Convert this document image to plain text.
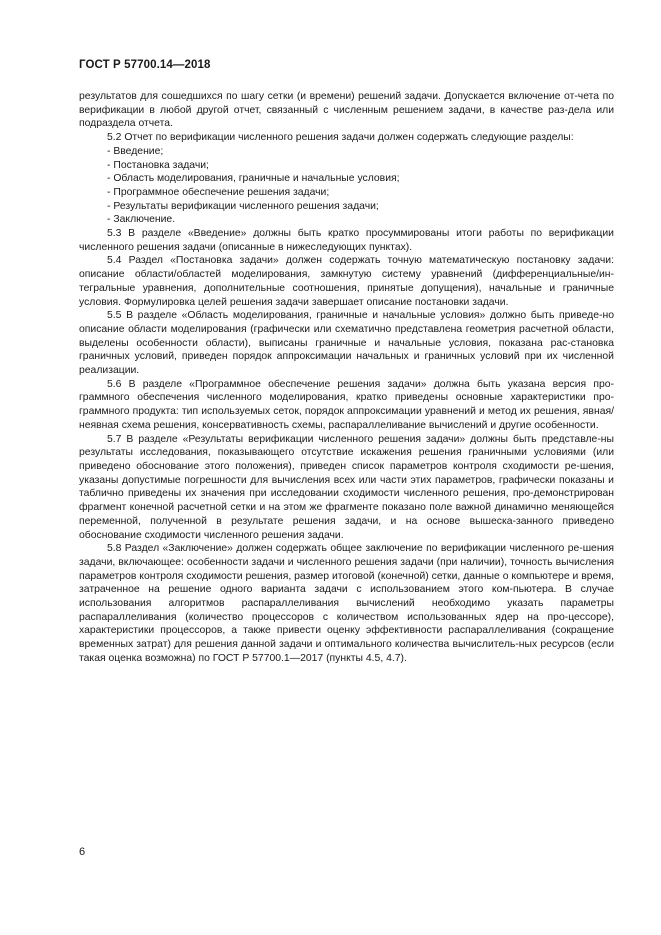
ГОСТ Р 57700.14—2018

результатов для сошедшихся по шагу сетки (и времени) решений задачи. Допускается включение от-чета по верификации в любой другой отчет, связанный с численным решением задачи, в качестве раз-дела или подраздела отчета.

5.2 Отчет по верификации численного решения задачи должен содержать следующие разделы:

- Введение;

- Постановка задачи;

- Область моделирования, граничные и начальные условия;

- Программное обеспечение решения задачи;

- Результаты верификации численного решения задачи;

- Заключение.

5.3 В разделе «Введение» должны быть кратко просуммированы итоги работы по верификации численного решения задачи (описанные в нижеследующих пунктах).

5.4 Раздел «Постановка задачи» должен содержать точную математическую постановку задачи: описание области/областей моделирования, замкнутую систему уравнений (дифференциальные/ин-тегральные уравнения, дополнительные соотношения, принятые допущения), начальные и граничные условия. Формулировка целей решения задачи завершает описание постановки задачи.

5.5 В разделе «Область моделирования, граничные и начальные условия» должно быть приведе-но описание области моделирования (графически или схематично представлена геометрия расчетной области, выделены особенности области), выписаны граничные и начальные условия, показана рас-становка граничных условий, приведен порядок аппроксимации начальных и граничных условий при их численной реализации.

5.6 В разделе «Программное обеспечение решения задачи» должна быть указана версия про-граммного обеспечения численного моделирования, кратко приведены основные характеристики про-граммного продукта: тип используемых сеток, порядок аппроксимации уравнений и метод их решения, явная/неявная схема решения, консервативность схемы, распараллеливание вычислений и другие особенности.

5.7 В разделе «Результаты верификации численного решения задачи» должны быть представле-ны результаты исследования, показывающего отсутствие искажения решения граничными условиями (или приведено обоснование этого положения), приведен список параметров контроля сходимости ре-шения, указаны допустимые погрешности для вычисления всех или части этих параметров, графически показаны и таблично приведены их значения при исследовании сходимости численного решения, про-демонстрирован фрагмент конечной расчетной сетки и на этом же фрагменте показано поле важной динамично меняющейся переменной, полученной в результате решения задачи, и на основе вышеска-занного приведено обоснование сходимости численного решения задачи.

5.8 Раздел «Заключение» должен содержать общее заключение по верификации численного ре-шения задачи, включающее: особенности задачи и численного решения задачи (при наличии), точность вычисления параметров контроля сходимости решения, размер итоговой (конечной) сетки, данные о компьютере и время, затраченное на решение одного варианта задачи с использованием этого ком-пьютера. В случае использования алгоритмов распараллеливания вычислений необходимо указать параметры распараллеливания (количество процессоров с количеством использованных ядер на про-цессоре), характеристики процессоров, а также привести оценку эффективности распараллеливания (сокращение временных затрат) для решения данной задачи и оптимального количества вычислитель-ных ресурсов (если такая оценка возможна) по ГОСТ Р 57700.1—2017 (пункты 4.5, 4.7).

6
